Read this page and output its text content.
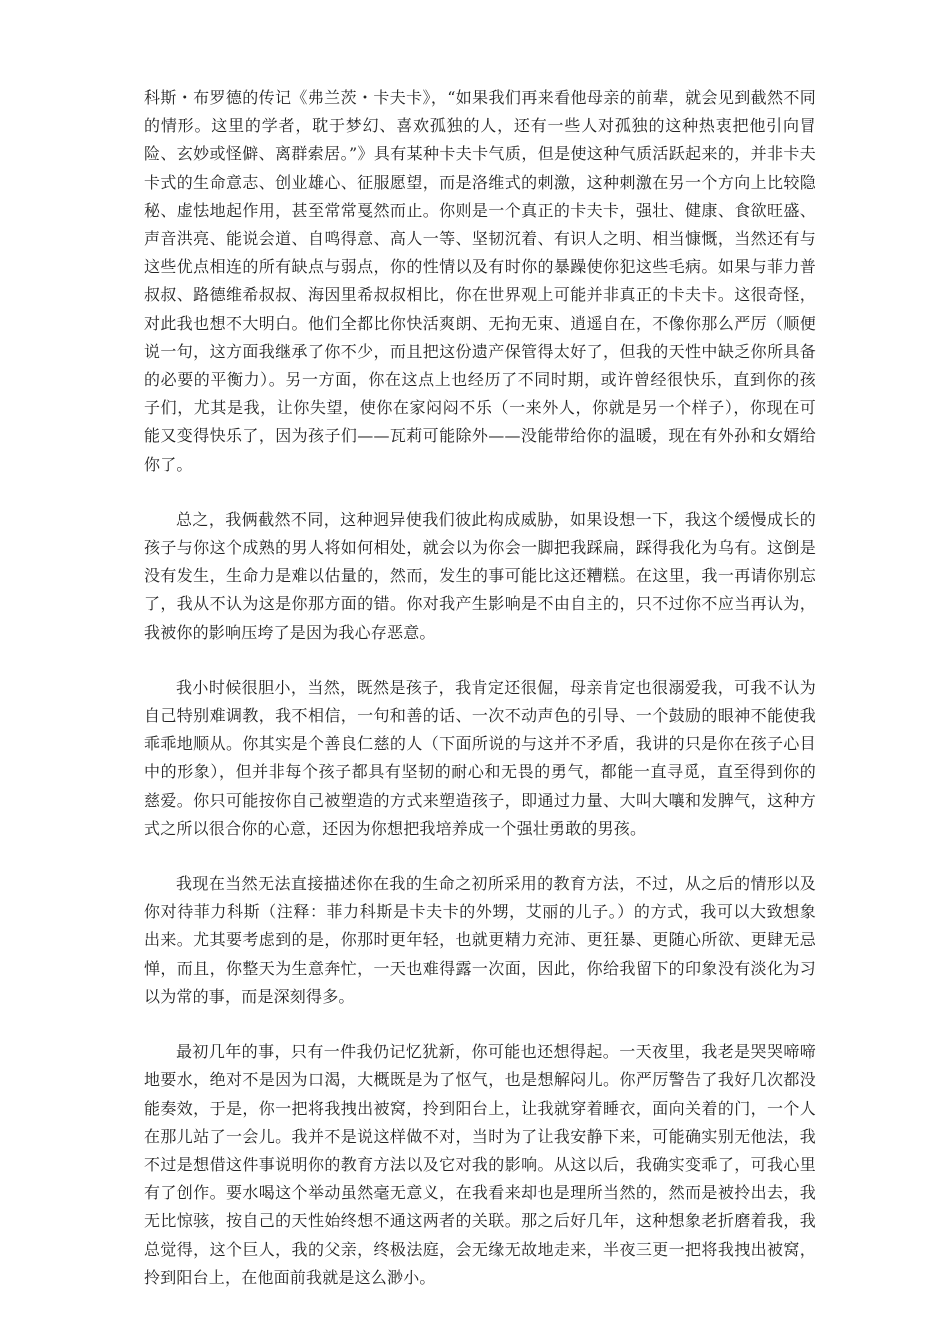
科斯・布罗德的传记《弗兰茨・卡夫卡》，“如果我们再来看他母亲的前辈，就会见到截然不同的情形。这里的学者，耽于梦幻、喜欢孤独的人，还有一些人对孤独的这种热衷把他引向冒险、玄妙或怪僻、离群索居。”》具有某种卡夫卡气质，但是使这种气质活跃起来的，并非卡夫卡式的生命意志、创业雄心、征服愿望，而是洛维式的刺激，这种刺激在另一个方向上比较隐秘、虚怯地起作用，甚至常常戛然而止。你则是一个真正的卡夫卡，强壮、健康、食欲旺盛、声音洪亮、能说会道、自鸣得意、高人一等、坚韧沉着、有识人之明、相当慷慨，当然还有与这些优点相连的所有缺点与弱点，你的性情以及有时你的暴躁使你犯这些毛病。如果与菲力普叔叔、路德维希叔叔、海因里希叔叔相比，你在世界观上可能并非真正的卡夫卡。这很奇怪，对此我也想不大明白。他们全都比你快活爽朗、无拘无束、逍遥自在，不像你那么严厉（顺便说一句，这方面我继承了你不少，而且把这份遗产保管得太好了，但我的天性中缺乏你所具备的必要的平衡力）。另一方面，你在这点上也经历了不同时期，或许曾经很快乐，直到你的孩子们，尤其是我，让你失望，使你在家闷闷不乐（一来外人，你就是另一个样子），你现在可能又变得快乐了，因为孩子们——瓦莉可能除外——没能带给你的温暖，现在有外孙和女婿给你了。

总之，我俩截然不同，这种迥异使我们彼此构成威胁，如果设想一下，我这个缓慢成长的孩子与你这个成熟的男人将如何相处，就会以为你会一脚把我踩扁，踩得我化为乌有。这倒是没有发生，生命力是难以估量的，然而，发生的事可能比这还糟糕。在这里，我一再请你别忘了，我从不认为这是你那方面的错。你对我产生影响是不由自主的，只不过你不应当再认为，我被你的影响压垮了是因为我心存恶意。

我小时候很胆小，当然，既然是孩子，我肯定还很倔，母亲肯定也很溺爱我，可我不认为自己特别难调教，我不相信，一句和善的话、一次不动声色的引导、一个鼓励的眼神不能使我乖乖地顺从。你其实是个善良仁慈的人（下面所说的与这并不矛盾，我讲的只是你在孩子心目中的形象），但并非每个孩子都具有坚韧的耐心和无畏的勇气，都能一直寻觅，直至得到你的慈爱。你只可能按你自己被塑造的方式来塑造孩子，即通过力量、大叫大嚷和发脾气，这种方式之所以很合你的心意，还因为你想把我培养成一个强壮勇敢的男孩。

我现在当然无法直接描述你在我的生命之初所采用的教育方法，不过，从之后的情形以及你对待菲力科斯（注释：菲力科斯是卡夫卡的外甥，艾丽的儿子。）的方式，我可以大致想象出来。尤其要考虑到的是，你那时更年轻，也就更精力充沛、更狂暴、更随心所欲、更肆无忌惮，而且，你整天为生意奔忙，一天也难得露一次面，因此，你给我留下的印象没有淡化为习以为常的事，而是深刻得多。

最初几年的事，只有一件我仍记忆犹新，你可能也还想得起。一天夜里，我老是哭哭啼啼地要水，绝对不是因为口渴，大概既是为了怄气，也是想解闷儿。你严厉警告了我好几次都没能奏效，于是，你一把将我拽出被窝，拎到阳台上，让我就穿着睡衣，面向关着的门，一个人在那儿站了一会儿。我并不是说这样做不对，当时为了让我安静下来，可能确实别无他法，我不过是想借这件事说明你的教育方法以及它对我的影响。从这以后，我确实变乖了，可我心里有了创作。要水喝这个举动虽然毫无意义，在我看来却也是理所当然的，然而是被拎出去，我无比惊骇，按自己的天性始终想不通这两者的关联。那之后好几年，这种想象老折磨着我，我总觉得，这个巨人，我的父亲，终极法庭，会无缘无故地走来，半夜三更一把将我拽出被窝，拎到阳台上，在他面前我就是这么渺小。
